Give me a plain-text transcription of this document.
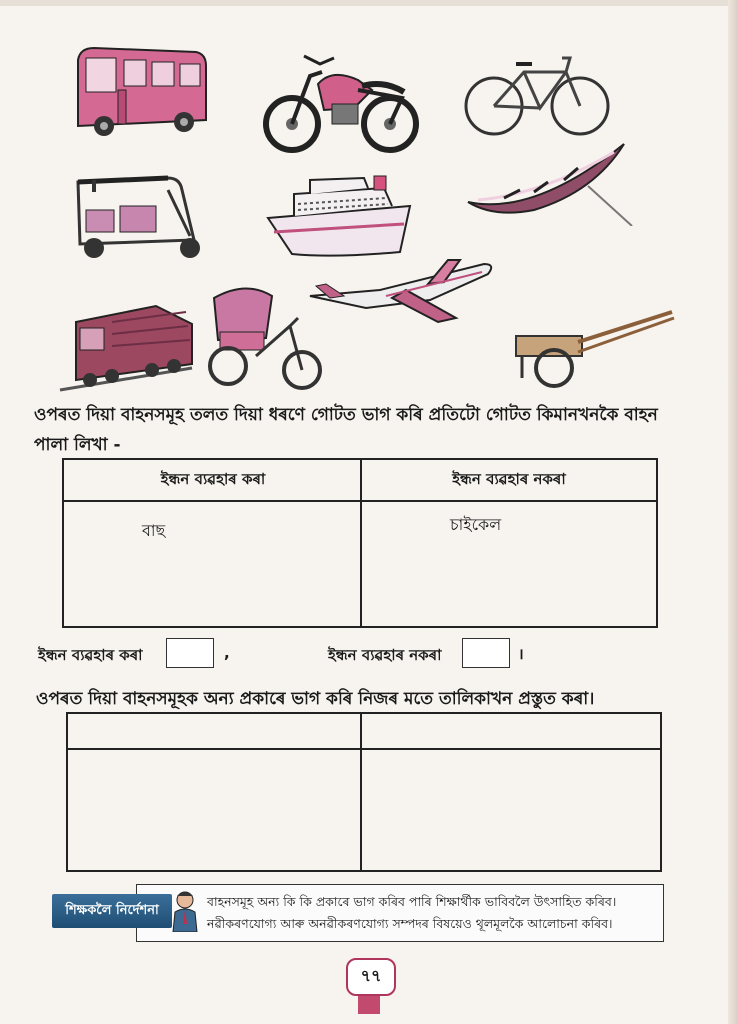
ওপৰত দিয়া বাহনসমূহ তলত দিয়া ধৰণে গোটত ভাগ কৰি প্ৰতিটো গোটত কিমানখনকৈ বাহন পালা লিখা -
ইন্ধন ব্যৱহাৰ কৰা	ইন্ধন ব্যৱহাৰ নকৰা
বাছ	চাইকেল
ইন্ধন ব্যৱহাৰ কৰা	,	ইন্ধন ব্যৱহাৰ নকৰা	।
ওপৰত দিয়া বাহনসমূহক অন্য প্ৰকাৰে ভাগ কৰি নিজৰ মতে তালিকাখন প্ৰস্তুত কৰা।
বাহনসমূহ অন্য কি কি প্ৰকাৰে ভাগ কৰিব পাৰি শিক্ষাৰ্থীক ভাবিবলৈ উৎসাহিত কৰিব।
নৱীকৰণযোগ্য আৰু অনৱীকৰণযোগ্য সম্পদৰ বিষয়েও থূলমূলকৈ আলোচনা কৰিব।
শিক্ষকলৈ নিৰ্দেশনা
৭৭
